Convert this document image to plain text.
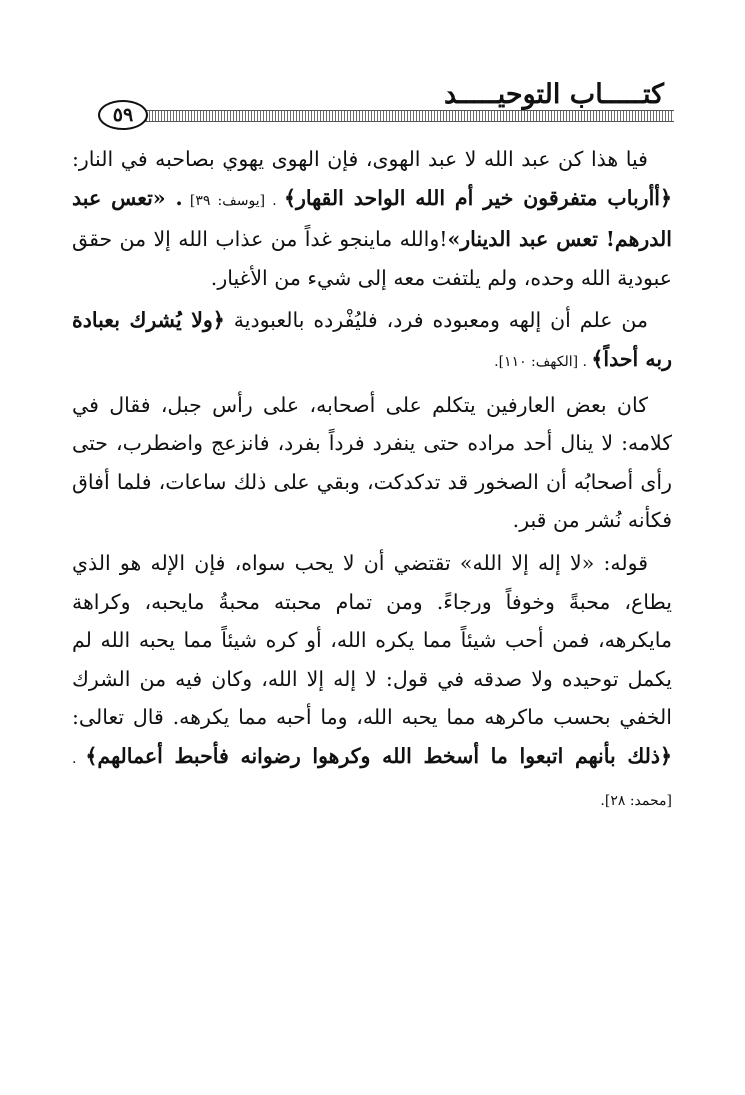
كتـــــاب التوحيـــــد
٥٩

فيا هذا كن عبد الله لا عبد الهوى، فإن الهوى يهوي بصاحبه في النار: ﴿أأرباب متفرقون خير أم الله الواحد القهار﴾ . [يوسف: ٣٩] . «تعس عبد الدرهم! تعس عبد الدينار»!والله ماينجو غداً من عذاب الله إلا من حقق عبودية الله وحده، ولم يلتفت معه إلى شيء من الأغيار.

من علم أن إلهه ومعبوده فرد، فليُفْرده بالعبودية ﴿ولا يُشرك بعبادة ربه أحداً﴾ . [الكهف: ١١٠].

كان بعض العارفين يتكلم على أصحابه، على رأس جبل، فقال في كلامه: لا ينال أحد مراده حتى ينفرد فرداً بفرد، فانزعج واضطرب، حتى رأى أصحابُه أن الصخور قد تدكدكت، وبقي على ذلك ساعات، فلما أفاق فكأنه نُشر من قبر.

قوله: «لا إله إلا الله» تقتضي أن لا يحب سواه، فإن الإله هو الذي يطاع، محبةً وخوفاً ورجاءً. ومن تمام محبته محبةُ مايحبه، وكراهة مايكرهه، فمن أحب شيئاً مما يكره الله، أو كره شيئاً مما يحبه الله لم يكمل توحيده ولا صدقه في قول: لا إله إلا الله، وكان فيه من الشرك الخفي بحسب ماكرهه مما يحبه الله، وما أحبه مما يكرهه. قال تعالى: ﴿ذلك بأنهم اتبعوا ما أسخط الله وكرهوا رضوانه فأحبط أعمالهم﴾ . [محمد: ٢٨].
